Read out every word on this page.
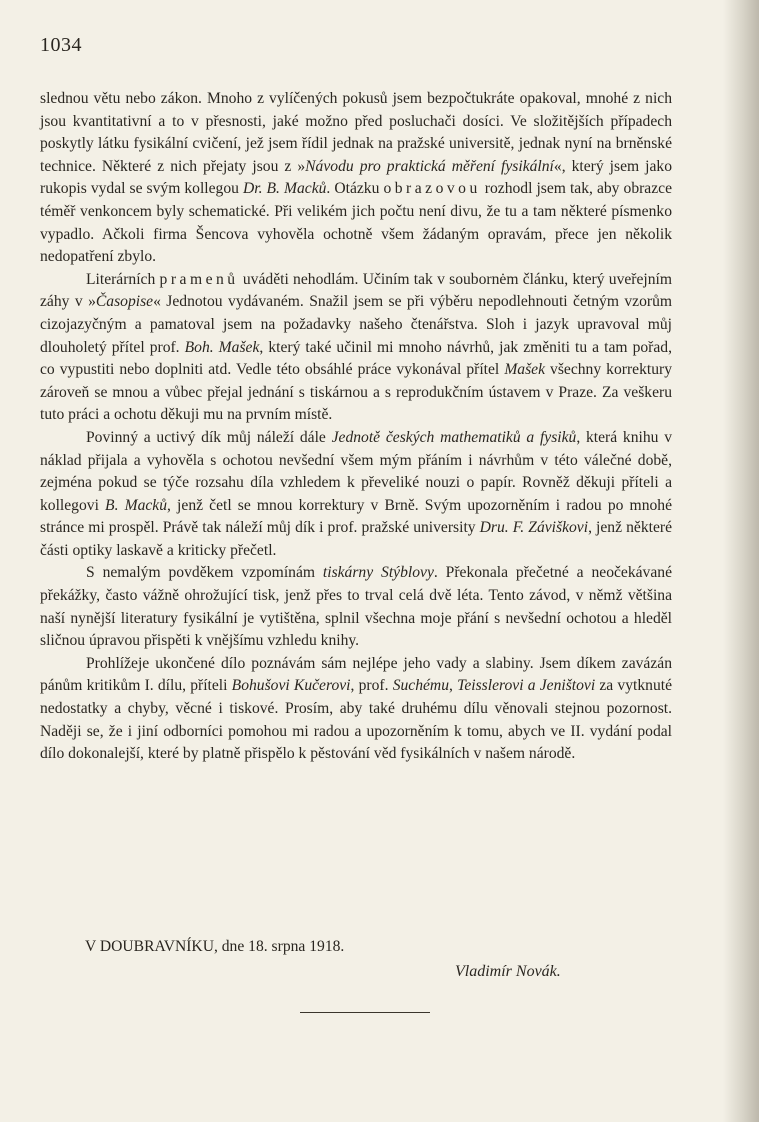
1034

slednou větu nebo zákon. Mnoho z vylíčených pokusů jsem bezpočtukráte opakoval, mnohé z nich jsou kvantitativní a to v přesnosti, jaké možno před posluchači dosíci. Ve složitějších případech poskytly látku fysikální cvičení, jež jsem řídil jednak na pražské universitě, jednak nyní na brněnské technice. Některé z nich přejaty jsou z »Návodu pro praktická měření fysikální«, který jsem jako rukopis vydal se svým kollegou Dr. B. Macků. Otázku obrazovou rozhodl jsem tak, aby obrazce téměř venkoncem byly schematické. Při velikém jich počtu není divu, že tu a tam některé písmenko vypadlo. Ačkoli firma Šencova vyhověla ochotně všem žádaným opravám, přece jen několik nedopatření zbylo.

Literárních pramenů uváděti nehodlám. Učiním tak v soubornėm článku, který uveřejním záhy v »Časopise« Jednotou vydávaném. Snažil jsem se při výběru nepodlehnouti četným vzorům cizojazyčným a pamatoval jsem na požadavky našeho čtenářstva. Sloh i jazyk upravoval můj dlouholetý přítel prof. Boh. Mašek, který také učinil mi mnoho návrhů, jak změniti tu a tam pořad, co vypustiti nebo doplniti atd. Vedle této obsáhlé práce vykonával přítel Mašek všechny korrektury zároveň se mnou a vůbec přejal jednání s tiskárnou a s reprodukčním ústavem v Praze. Za veškeru tuto práci a ochotu děkuji mu na prvním místě.

Povinný a uctivý dík můj náleží dále Jednotě českých mathematiků a fysiků, která knihu v náklad přijala a vyhověla s ochotou nevšední všem mým přáním i návrhům v této válečné době, zejména pokud se týče rozsahu díla vzhledem k převeliké nouzi o papír. Rovněž děkuji příteli a kollegovi B. Macků, jenž četl se mnou korrektury v Brně. Svým upozorněním i radou po mnohé stránce mi prospěl. Právě tak náleží můj dík i prof. pražské university Dru. F. Záviškovi, jenž některé části optiky laskavě a kriticky přečetl.

S nemalým povděkem vzpomínám tiskárny Stýblovy. Překonala přečetné a neočekávané překážky, často vážně ohrožující tisk, jenž přes to trval celá dvě léta. Tento závod, v němž většina naší nynější literatury fysikální je vytištěna, splnil všechna moje přání s nevšední ochotou a hleděl sličnou úpravou přispěti k vnějšímu vzhledu knihy.

Prohlížeje ukončené dílo poznávám sám nejlépe jeho vady a slabiny. Jsem díkem zavázán pánům kritikům I. dílu, příteli Bohušovi Kučerovi, prof. Suchému, Teisslerovi a Jeništovi za vytknuté nedostatky a chyby, věcné i tiskové. Prosím, aby také druhému dílu věnovali stejnou pozornost. Naději se, že i jiní odborníci pomohou mi radou a upozorněním k tomu, abych ve II. vydání podal dílo dokonalejší, které by platně přispělo k pěstování věd fysikálních v našem národě.

V DOUBRAVNÍKU, dne 18. srpna 1918.
Vladimír Novák.
